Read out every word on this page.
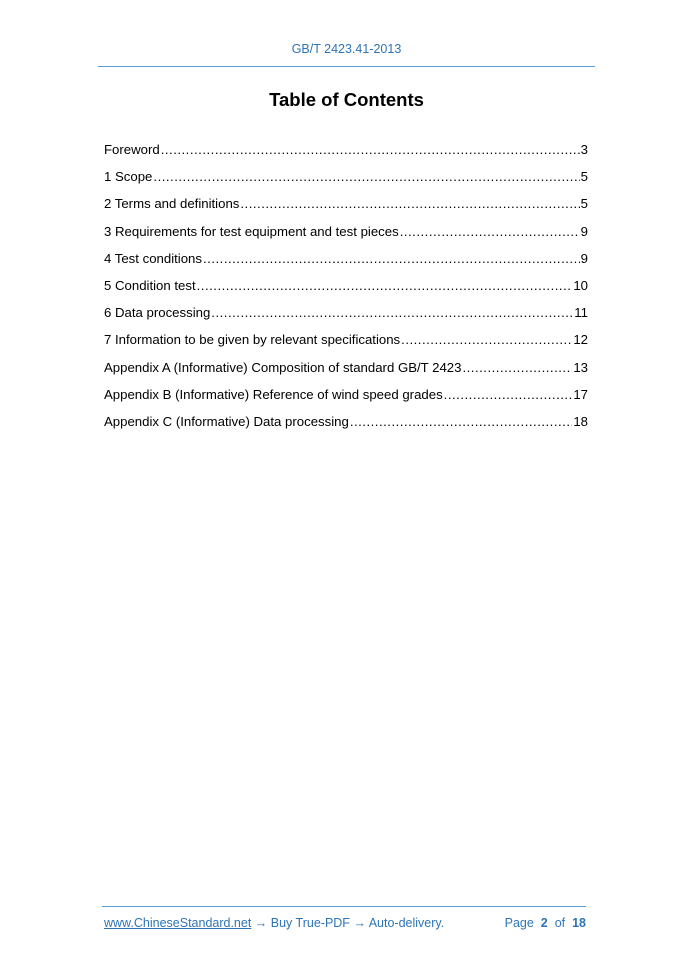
GB/T 2423.41-2013
Table of Contents
Foreword .....	3
1 Scope .....	5
2 Terms and definitions .....	5
3 Requirements for test equipment and test pieces .....	9
4 Test conditions .....	9
5 Condition test .....	10
6 Data processing .....	11
7 Information to be given by relevant specifications .....	12
Appendix A (Informative) Composition of standard GB/T 2423 .....	13
Appendix B (Informative) Reference of wind speed grades .....	17
Appendix C (Informative) Data processing .....	18
www.ChineseStandard.net → Buy True-PDF → Auto-delivery.	Page 2 of 18
